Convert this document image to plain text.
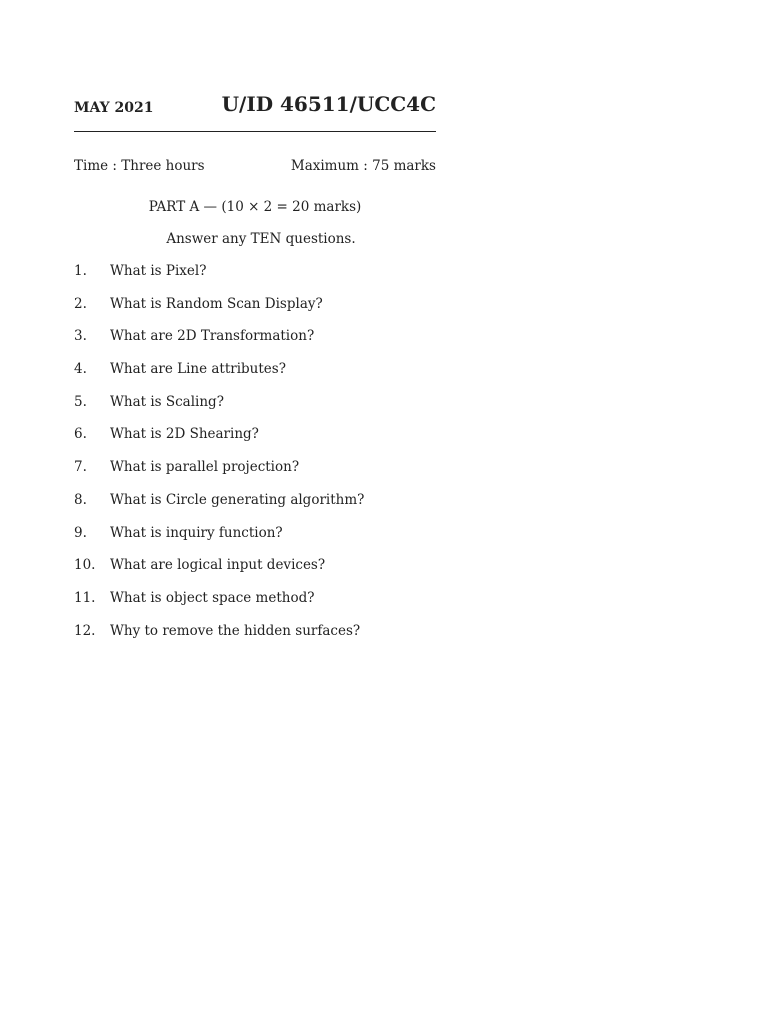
MAY 2021	U/ID 46511/UCC4C
Time : Three hours	Maximum : 75 marks
PART A — (10 × 2 = 20 marks)
Answer any TEN questions.
1. What is Pixel?
2. What is Random Scan Display?
3. What are 2D Transformation?
4. What are Line attributes?
5. What is Scaling?
6. What is 2D Shearing?
7. What is parallel projection?
8. What is Circle generating algorithm?
9. What is inquiry function?
10. What are logical input devices?
11. What is object space method?
12. Why to remove the hidden surfaces?
